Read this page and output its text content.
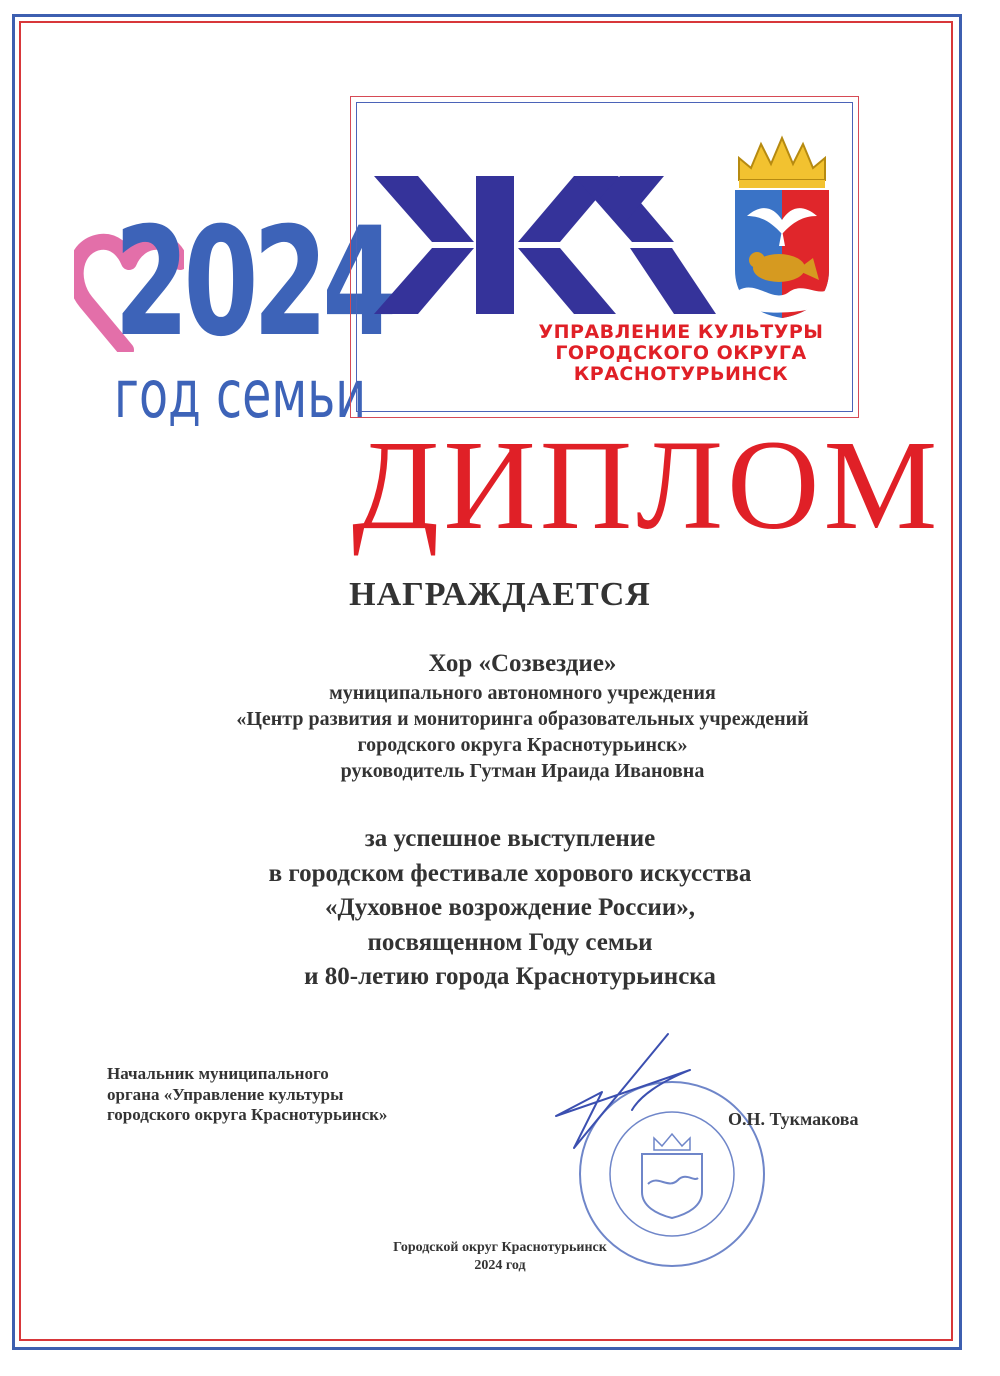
2024

год семьи

УПРАВЛЕНИЕ КУЛЬТУРЫ
ГОРОДСКОГО ОКРУГА
КРАСНОТУРЬИНСК

ДИПЛОМ

НАГРАЖДАЕТСЯ

Хор «Созвездие»
муниципального автономного учреждения
«Центр развития и мониторинга образовательных учреждений
городского округа Краснотурьинск»
руководитель Гутман Ираида Ивановна
за успешное выступление
в городском фестивале хорового искусства
«Духовное возрождение России»,
посвященном Году семьи
и 80-летию города Краснотурьинска
Начальник муниципального
органа «Управление культуры
городского округа Краснотурьинск»	О.Н. Тукмакова

Городской округ Краснотурьинск
2024 год
